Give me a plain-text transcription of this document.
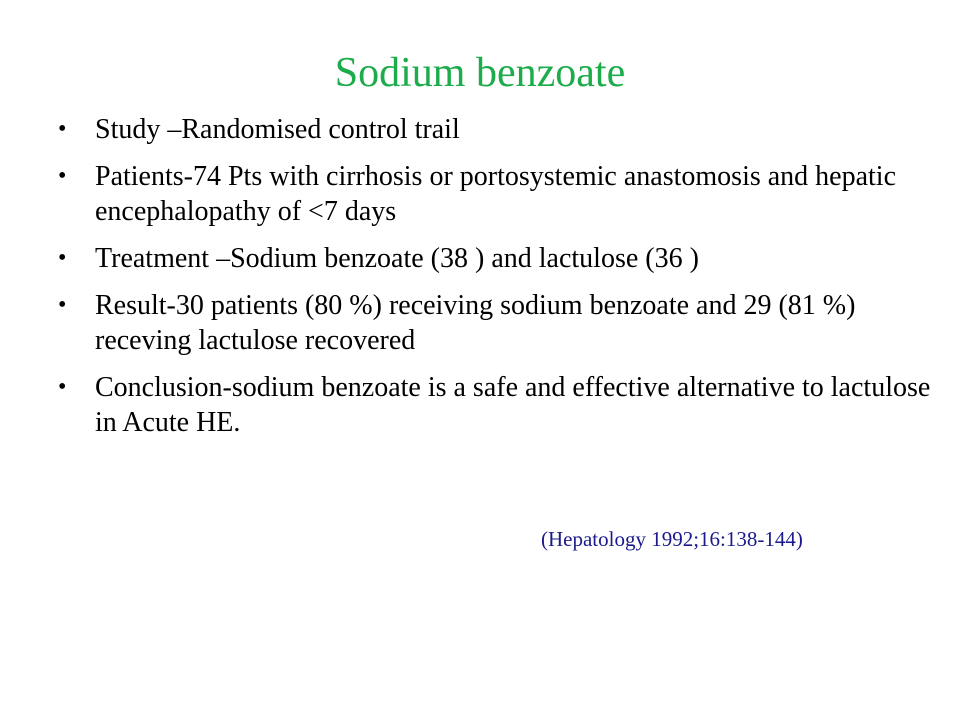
Sodium benzoate
• Study –Randomised control trail
• Patients-74 Pts with cirrhosis or portosystemic anastomosis and hepatic encephalopathy of <7 days
• Treatment –Sodium benzoate (38 ) and lactulose (36 )
• Result-30 patients (80 %) receiving sodium benzoate and 29 (81 %) receving lactulose recovered
• Conclusion-sodium benzoate is a safe and effective alternative to lactulose in Acute HE.
(Hepatology 1992;16:138-144)
